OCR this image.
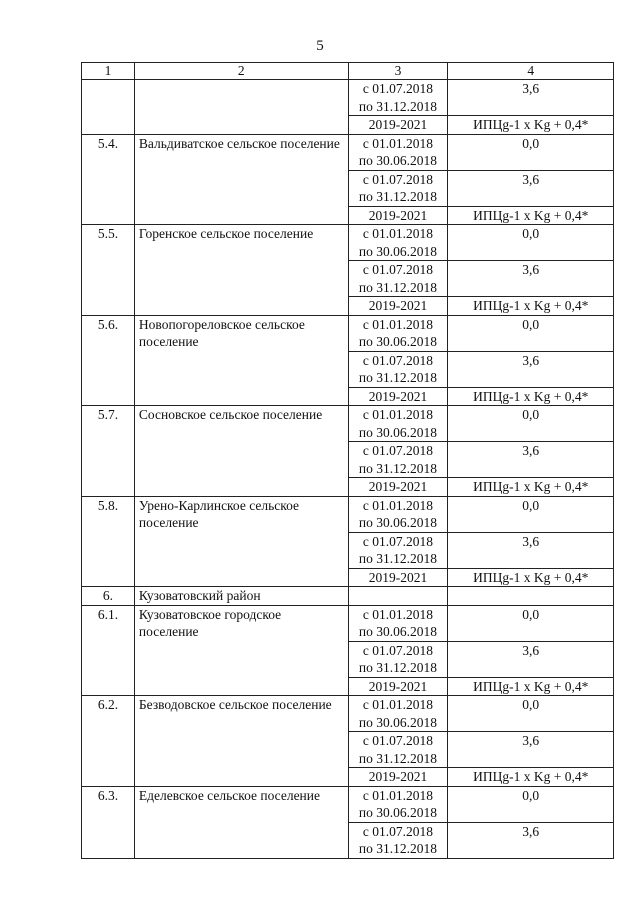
5
1	2	3	4

		с 01.07.2018
по 31.12.2018	3,6
		2019-2021	ИПЦg-1 x Kg + 0,4*
5.4.	Вальдиватское сельское поселение	с 01.01.2018
по 30.06.2018	0,0

		с 01.07.2018
по 31.12.2018	3,6
		2019-2021	ИПЦg-1 x Kg + 0,4*
5.5.	Горенское сельское поселение	с 01.01.2018
по 30.06.2018	0,0

		с 01.07.2018
по 31.12.2018	3,6
		2019-2021	ИПЦg-1 x Kg + 0,4*
5.6.	Новопогореловское сельское поселение	с 01.01.2018
по 30.06.2018	0,0

		с 01.07.2018
по 31.12.2018	3,6
		2019-2021	ИПЦg-1 x Kg + 0,4*
5.7.	Сосновское сельское поселение	с 01.01.2018
по 30.06.2018	0,0

		с 01.07.2018
по 31.12.2018	3,6
		2019-2021	ИПЦg-1 x Kg + 0,4*
5.8.	Урено-Карлинское сельское поселение	с 01.01.2018
по 30.06.2018	0,0

		с 01.07.2018
по 31.12.2018	3,6
		2019-2021	ИПЦg-1 x Kg + 0,4*
6.	Кузоватовский район		
6.1.	Кузоватовское городское поселение	с 01.01.2018
по 30.06.2018	0,0

		с 01.07.2018
по 31.12.2018	3,6
		2019-2021	ИПЦg-1 x Kg + 0,4*
6.2.	Безводовское сельское поселение	с 01.01.2018
по 30.06.2018	0,0

		с 01.07.2018
по 31.12.2018	3,6
		2019-2021	ИПЦg-1 x Kg + 0,4*
6.3.	Еделевское сельское поселение	с 01.01.2018
по 30.06.2018	0,0

		с 01.07.2018
по 31.12.2018	3,6
